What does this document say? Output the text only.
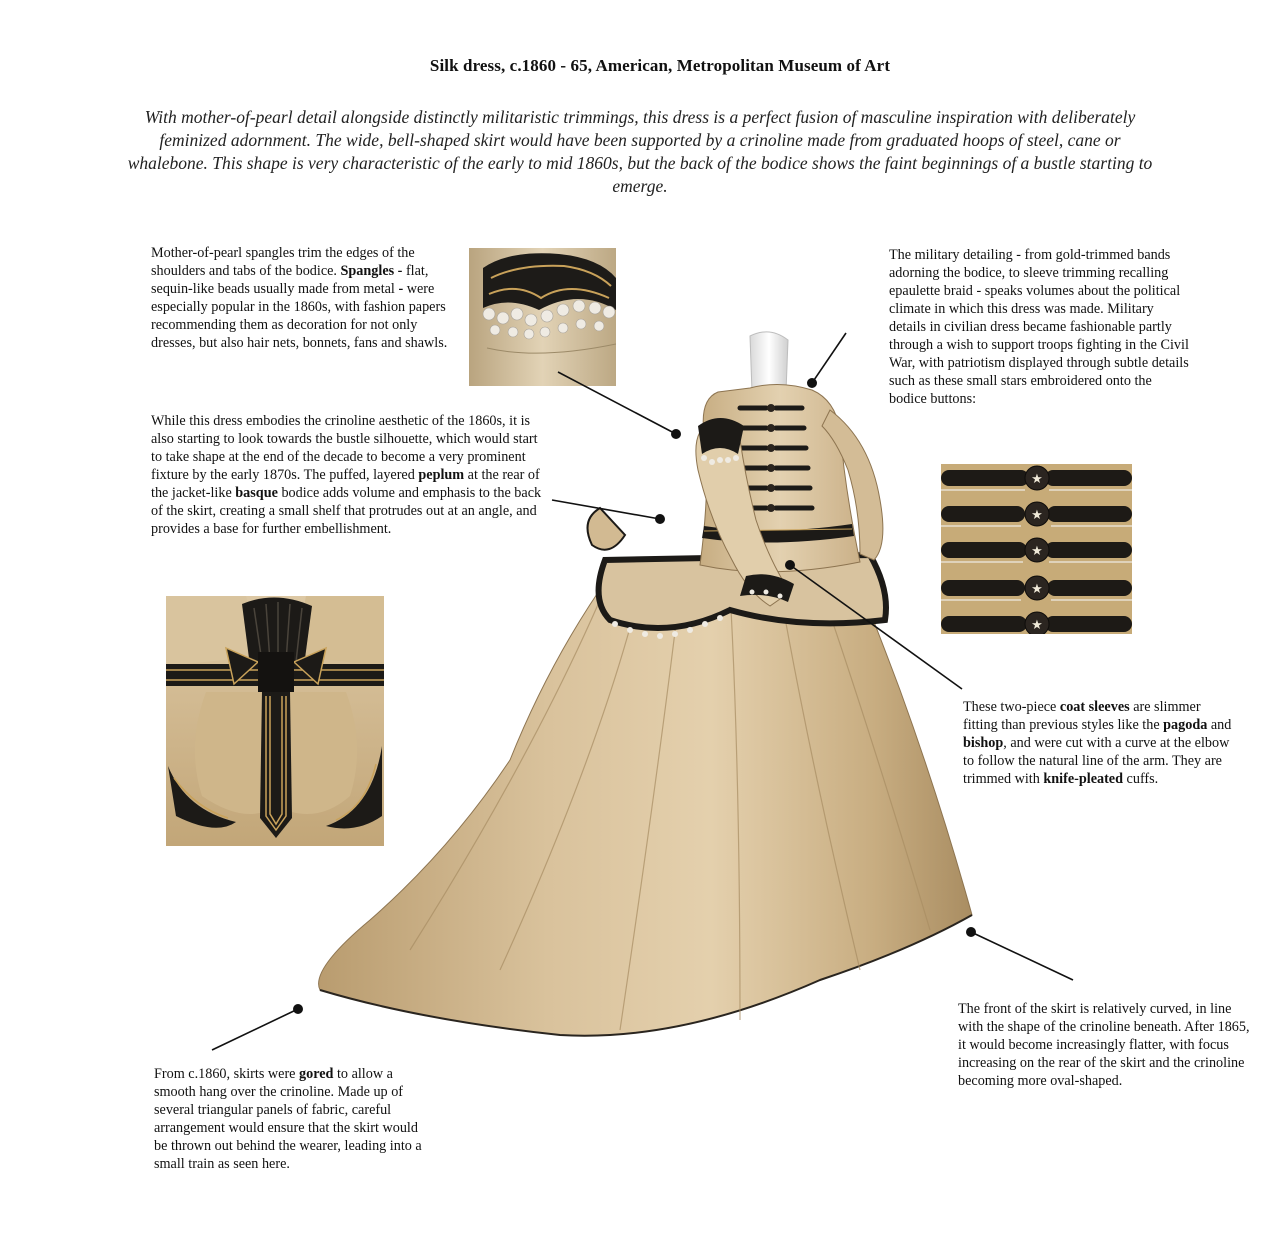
Silk dress, c.1860 - 65, American, Metropolitan Museum of Art
With mother-of-pearl detail alongside distinctly militaristic trimmings, this dress is a perfect fusion of masculine inspiration with deliberately feminized adornment. The wide, bell-shaped skirt would have been supported by a crinoline made from graduated hoops of steel, cane or whalebone. This shape is very characteristic of the early to mid 1860s, but the back of the bodice shows the faint beginnings of a bustle starting to emerge.
Mother-of-pearl spangles trim the edges of the shoulders and tabs of the bodice. Spangles - flat, sequin-like beads usually made from metal - were especially popular in the 1860s, with fashion papers recommending them as decoration for not only dresses, but also hair nets, bonnets, fans and shawls.
While this dress embodies the crinoline aesthetic of the 1860s, it is also starting to look towards the bustle silhouette, which would start to take shape at the end of the decade to become a very prominent fixture by the early 1870s. The puffed, layered peplum at the rear of the jacket-like basque bodice adds volume and emphasis to the back of the skirt, creating a small shelf that protrudes out at an angle, and provides a base for further embellishment.
The military detailing - from gold-trimmed bands adorning the bodice, to sleeve trimming recalling epaulette braid - speaks volumes about the political climate in which this dress was made. Military details in civilian dress became fashionable partly through a wish to support troops fighting in the Civil War, with patriotism displayed through subtle details such as these small stars embroidered onto the bodice buttons:
These two-piece coat sleeves are slimmer fitting than previous styles like the pagoda and bishop, and were cut with a curve at the elbow to follow the natural line of the arm. They are trimmed with knife-pleated cuffs.
The front of the skirt is relatively curved, in line with the shape of the crinoline beneath. After 1865, it would become increasingly flatter, with focus increasing on the rear of the skirt and the crinoline becoming more oval-shaped.
From c.1860, skirts were gored to allow a smooth hang over the crinoline. Made up of several triangular panels of fabric, careful arrangement would ensure that the skirt would be thrown out behind the wearer, leading into a small train as seen here.
★
★
★
★
★
